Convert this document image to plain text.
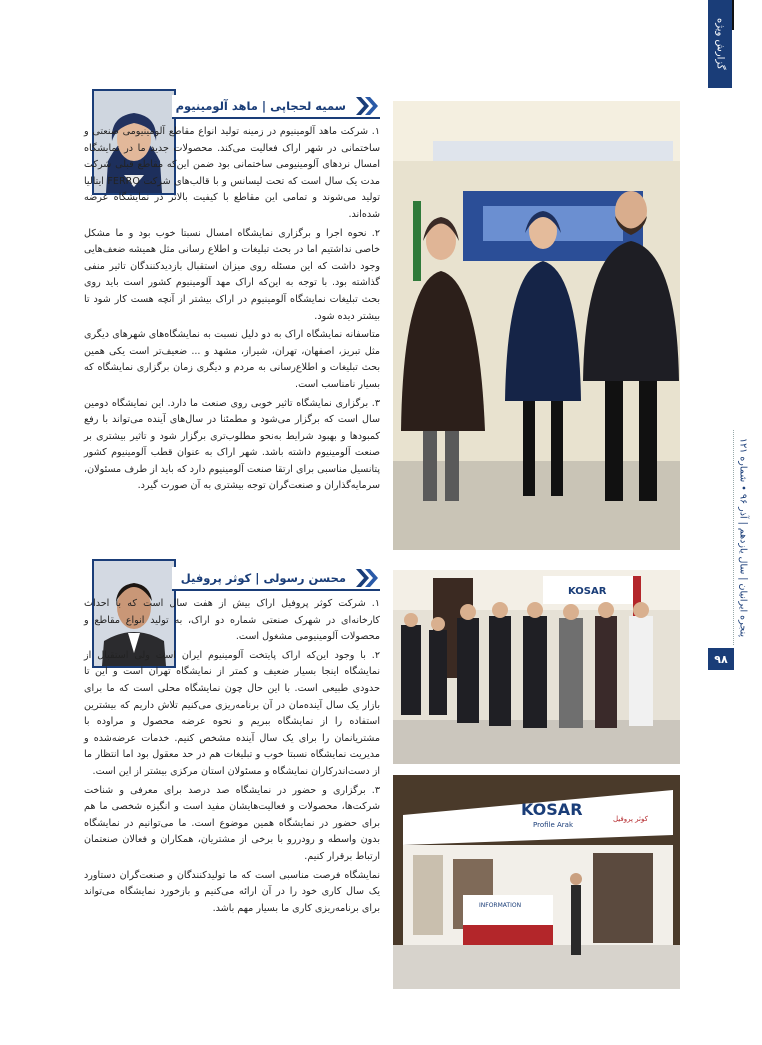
گزارش ویژه
پنجره ایرانیان | سال یازدهم | آذر ۹۶ • شماره ۱۲۱
۹۸
سمیه لحجاپی | ماهد آلومینیوم

۱. شرکت ماهد آلومینیوم در زمینه تولید انواع مقاطع آلومینیومی صنعتی و ساختمانی در شهر اراک فعالیت می‌کند. محصولات جدید ما در نمایشگاه امسال نردهای آلومینیومی ساختمانی بود ضمن این‌که مقاطع قبلی شرکت مدت یک سال است که تحت لیسانس و با قالب‌های شرکت FERRO ایتالیا تولید می‌شوند و تمامی این مقاطع با کیفیت بالاتر در نمایشگاه عرضه شده‌اند.

۲. نحوه اجرا و برگزاری نمایشگاه امسال نسبتا خوب بود و ما مشکل خاصی نداشتیم اما در بحث تبلیغات و اطلاع رسانی مثل همیشه ضعف‌هایی وجود داشت که این مسئله روی میزان استقبال بازدیدکنندگان تاثیر منفی گذاشته بود. با توجه به این‌که اراک مهد آلومینیوم کشور است باید روی بحث تبلیغات نمایشگاه آلومینیوم در اراک بیشتر از آنچه هست کار شود تا بیشتر دیده شود.

متاسفانه نمایشگاه اراک به دو دلیل نسبت به نمایشگاه‌های شهرهای دیگری مثل تبریز، اصفهان، تهران، شیراز، مشهد و ... ضعیف‌تر است یکی همین بحث تبلیغات و اطلاع‌رسانی به مردم و دیگری زمان برگزاری نمایشگاه که بسیار نامناسب است.

۳. برگزاری نمایشگاه تاثیر خوبی روی صنعت ما دارد. این نمایشگاه دومین سال است که برگزار می‌شود و مطمئنا در سال‌های آینده می‌تواند با رفع کمبودها و بهبود شرایط به‌نحو مطلوب‌تری برگزار شود و تاثیر بیشتری بر صنعت آلومینیوم داشته باشد. شهر اراک به عنوان قطب آلومینیوم کشور پتانسیل مناسبی برای ارتقا صنعت آلومینیوم دارد که باید از طرف مسئولان، سرمایه‌گذاران و صنعت‌گران توجه بیشتری به آن صورت گیرد.

محسن رسولی | کوثر پروفیل

۱. شرکت کوثر پروفیل اراک بیش از هفت سال است که با احداث کارخانه‌ای در شهرک صنعتی شماره دو اراک، به تولید انواع مقاطع و محصولات آلومینیومی مشغول است.

۲. با وجود این‌که اراک پایتخت آلومینیوم ایران است ولی استقبال از نمایشگاه اینجا بسیار ضعیف و کمتر از نمایشگاه تهران است و این تا حدودی طبیعی است. با این حال چون نمایشگاه محلی است که ما برای بازار یک سال آینده‌مان در آن برنامه‌ریزی می‌کنیم تلاش داریم که بیشترین استفاده را از نمایشگاه ببریم و نحوه عرضه محصول و مراوده با مشتریانمان را برای یک سال آینده مشخص کنیم. خدمات عرضه‌شده و مدیریت نمایشگاه نسبتا خوب و تبلیغات هم در حد معقول بود اما انتظار ما از دست‌اندرکاران نمایشگاه و مسئولان استان مرکزی بیشتر از این است.

۳. برگزاری و حضور در نمایشگاه صد درصد برای معرفی و شناخت شرکت‌ها، محصولات و فعالیت‌هایشان مفید است و انگیزه شخصی ما هم برای حضور در نمایشگاه همین موضوع است. ما می‌توانیم در نمایشگاه بدون واسطه و رودررو با برخی از مشتریان، همکاران و فعالان صنعتمان ارتباط برقرار کنیم.

نمایشگاه فرصت مناسبی است که ما تولیدکنندگان و صنعت‌گران دستاورد یک سال کاری خود را در آن ارائه می‌کنیم و بازخورد نمایشگاه می‌تواند برای برنامه‌ریزی کاری ما بسیار مهم باشد.

KOSAR
KOSAR
Profile Arak
کوثر پروفیل
INFORMATION
